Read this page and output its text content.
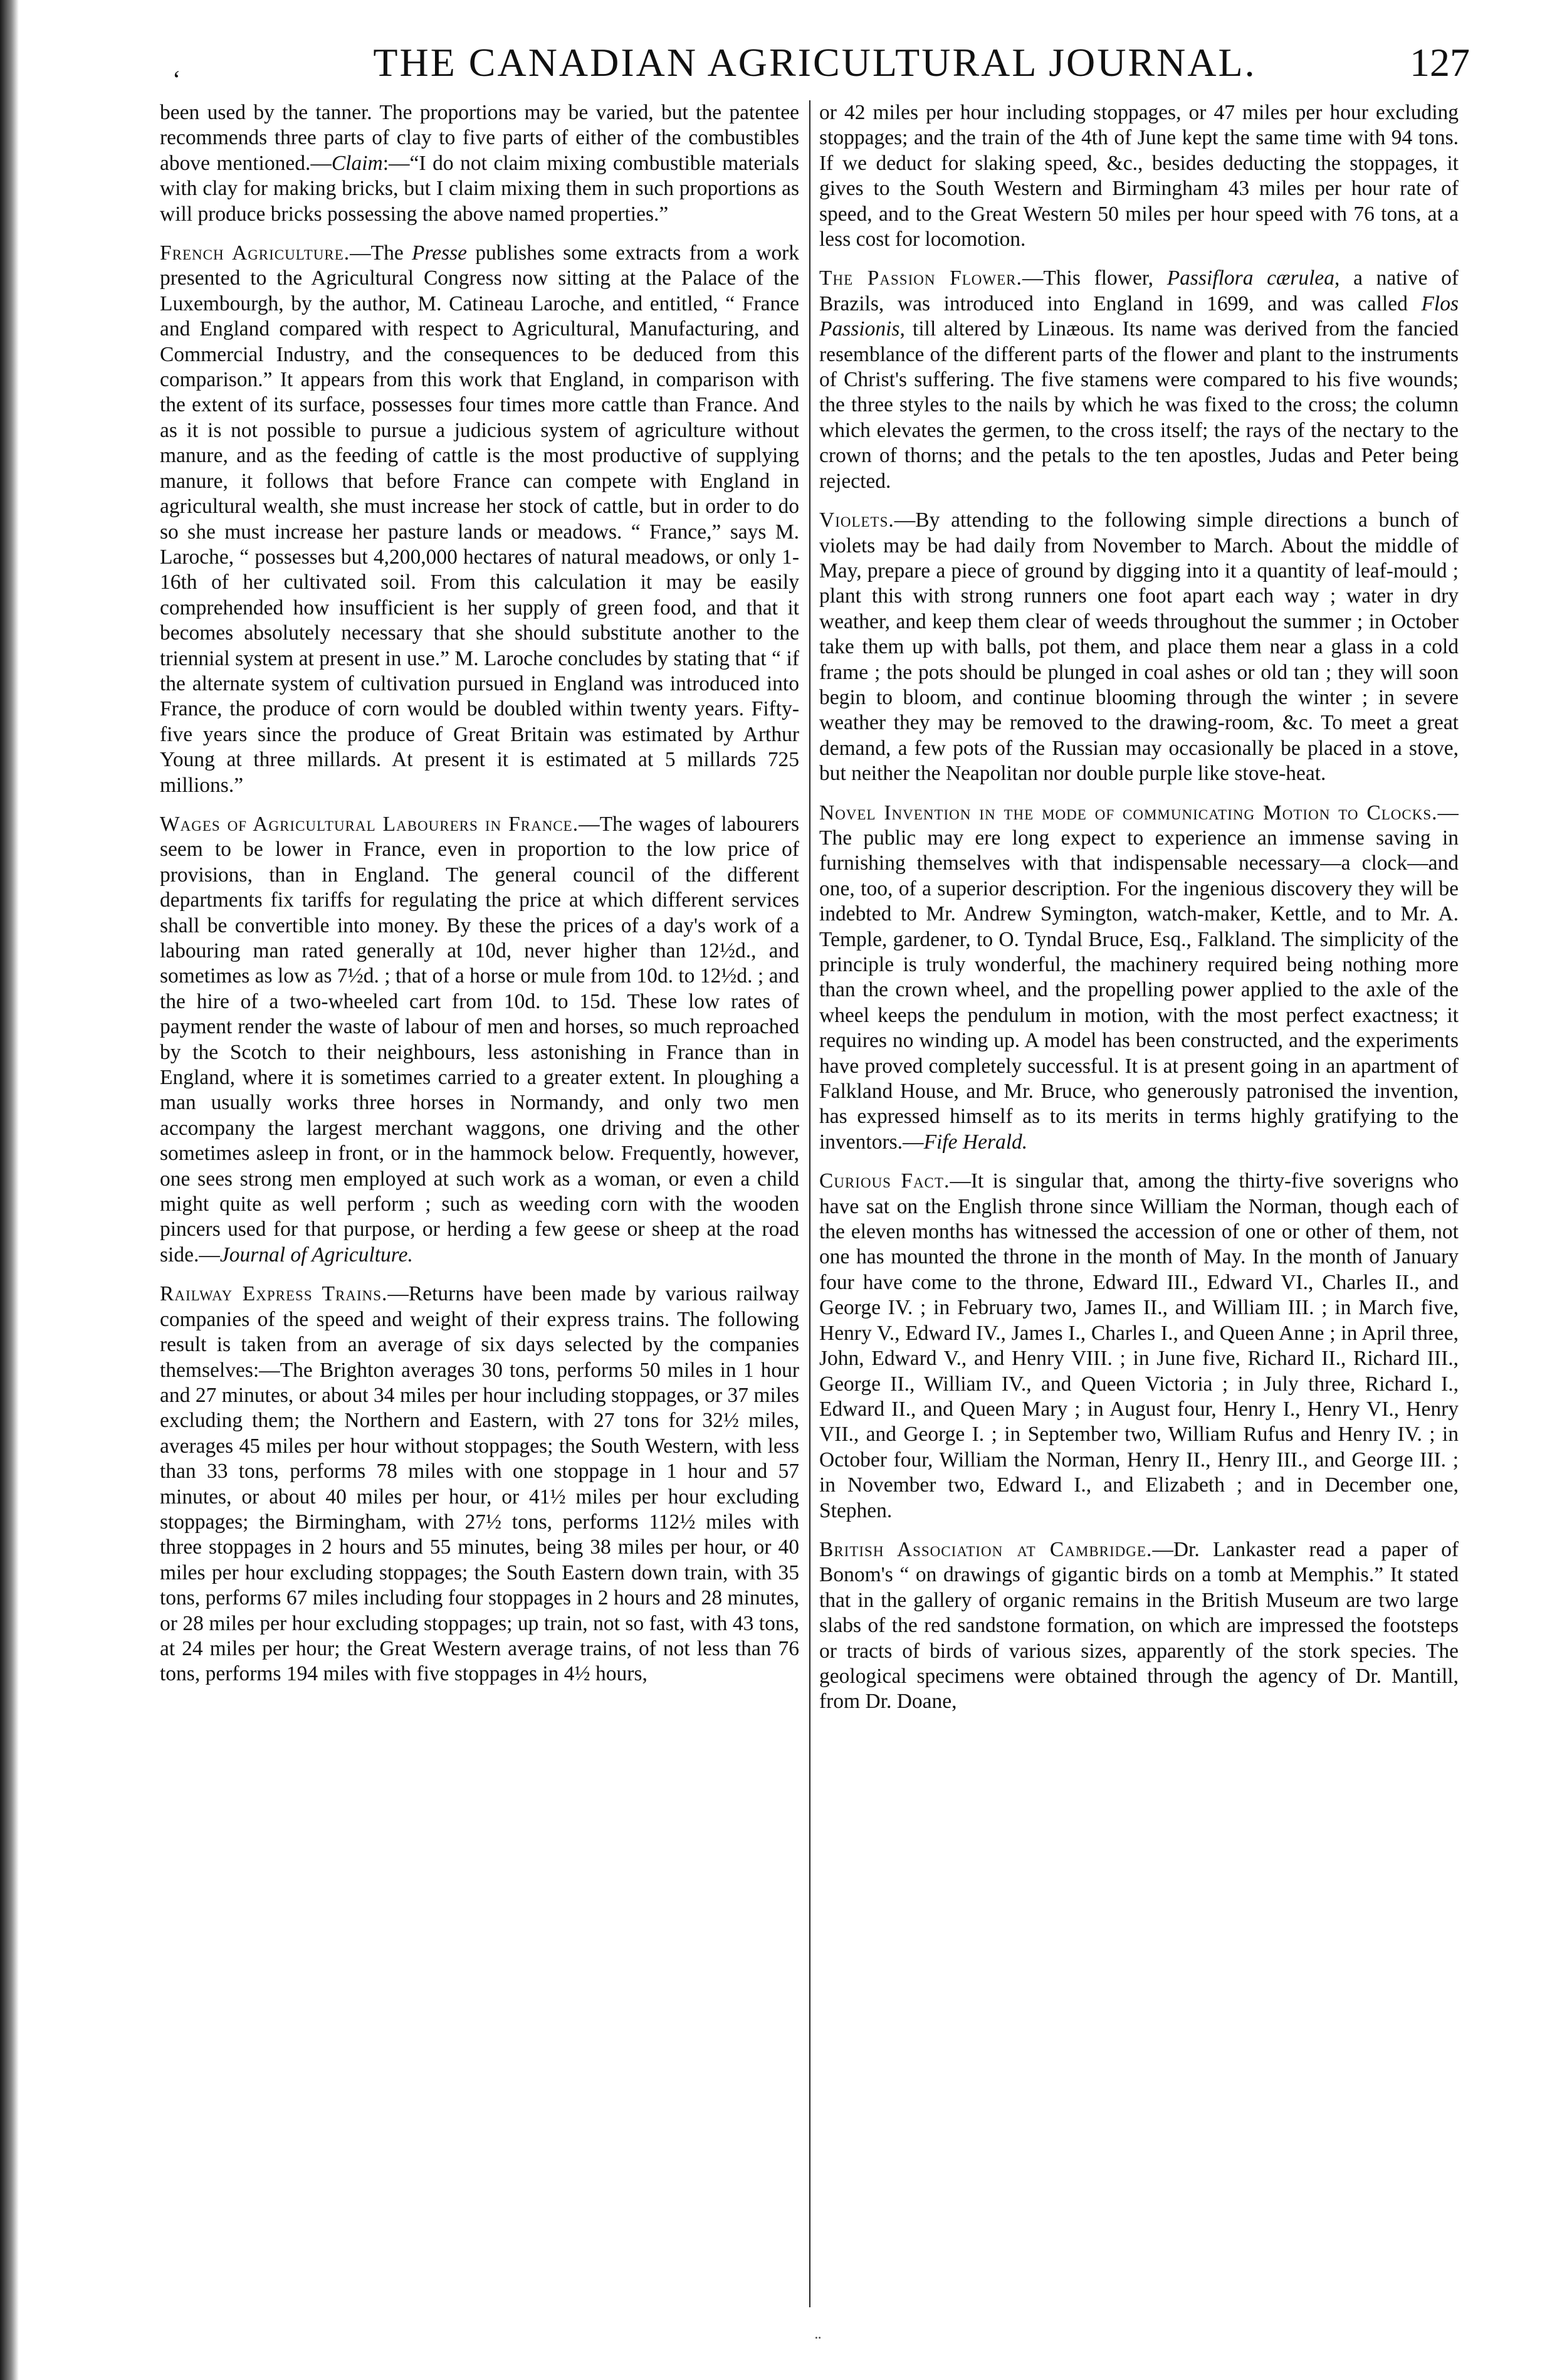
‘	THE CANADIAN AGRICULTURAL JOURNAL.	127

been used by the tanner. The proportions may be varied, but the patentee recommends three parts of clay to five parts of either of the combustibles above mentioned.—Claim:—“I do not claim mixing combustible materials with clay for making bricks, but I claim mixing them in such proportions as will produce bricks possessing the above named properties.”

French Agriculture.—The Presse publishes some extracts from a work presented to the Agricultural Congress now sitting at the Palace of the Luxembourgh, by the author, M. Catineau Laroche, and entitled, “ France and England compared with respect to Agricultural, Manufacturing, and Commercial Industry, and the consequences to be deduced from this comparison.” It appears from this work that England, in comparison with the extent of its surface, possesses four times more cattle than France. And as it is not possible to pursue a judicious system of agriculture without manure, and as the feeding of cattle is the most productive of supplying manure, it follows that before France can compete with England in agricultural wealth, she must increase her stock of cattle, but in order to do so she must increase her pasture lands or meadows. “ France,” says M. Laroche, “ possesses but 4,200,000 hectares of natural meadows, or only 1-16th of her cultivated soil. From this calculation it may be easily comprehended how insufficient is her supply of green food, and that it becomes absolutely necessary that she should substitute another to the triennial system at present in use.” M. Laroche concludes by stating that “ if the alternate system of cultivation pursued in England was introduced into France, the produce of corn would be doubled within twenty years. Fifty-five years since the produce of Great Britain was estimated by Arthur Young at three millards. At present it is estimated at 5 millards 725 millions.”

Wages of Agricultural Labourers in France.—The wages of labourers seem to be lower in France, even in proportion to the low price of provisions, than in England. The general council of the different departments fix tariffs for regulating the price at which different services shall be convertible into money. By these the prices of a day's work of a labouring man rated generally at 10d, never higher than 12½d., and sometimes as low as 7½d. ; that of a horse or mule from 10d. to 12½d. ; and the hire of a two-wheeled cart from 10d. to 15d. These low rates of payment render the waste of labour of men and horses, so much reproached by the Scotch to their neighbours, less astonishing in France than in England, where it is sometimes carried to a greater extent. In ploughing a man usually works three horses in Normandy, and only two men accompany the largest merchant waggons, one driving and the other sometimes asleep in front, or in the hammock below. Frequently, however, one sees strong men employed at such work as a woman, or even a child might quite as well perform ; such as weeding corn with the wooden pincers used for that purpose, or herding a few geese or sheep at the road side.—Journal of Agriculture.

Railway Express Trains.—Returns have been made by various railway companies of the speed and weight of their express trains. The following result is taken from an average of six days selected by the companies themselves:—The Brighton averages 30 tons, performs 50 miles in 1 hour and 27 minutes, or about 34 miles per hour including stoppages, or 37 miles excluding them; the Northern and Eastern, with 27 tons for 32½ miles, averages 45 miles per hour without stoppages; the South Western, with less than 33 tons, performs 78 miles with one stoppage in 1 hour and 57 minutes, or about 40 miles per hour, or 41½ miles per hour excluding stoppages; the Birmingham, with 27½ tons, performs 112½ miles with three stoppages in 2 hours and 55 minutes, being 38 miles per hour, or 40 miles per hour excluding stoppages; the South Eastern down train, with 35 tons, performs 67 miles including four stoppages in 2 hours and 28 minutes, or 28 miles per hour excluding stoppages; up train, not so fast, with 43 tons, at 24 miles per hour; the Great Western average trains, of not less than 76 tons, performs 194 miles with five stoppages in 4½ hours,

or 42 miles per hour including stoppages, or 47 miles per hour excluding stoppages; and the train of the 4th of June kept the same time with 94 tons. If we deduct for slaking speed, &c., besides deducting the stoppages, it gives to the South Western and Birmingham 43 miles per hour rate of speed, and to the Great Western 50 miles per hour speed with 76 tons, at a less cost for locomotion.

The Passion Flower.—This flower, Passiflora cærulea, a native of Brazils, was introduced into England in 1699, and was called Flos Passionis, till altered by Linæous. Its name was derived from the fancied resemblance of the different parts of the flower and plant to the instruments of Christ's suffering. The five stamens were compared to his five wounds; the three styles to the nails by which he was fixed to the cross; the column which elevates the germen, to the cross itself; the rays of the nectary to the crown of thorns; and the petals to the ten apostles, Judas and Peter being rejected.

Violets.—By attending to the following simple directions a bunch of violets may be had daily from November to March. About the middle of May, prepare a piece of ground by digging into it a quantity of leaf-mould ; plant this with strong runners one foot apart each way ; water in dry weather, and keep them clear of weeds throughout the summer ; in October take them up with balls, pot them, and place them near a glass in a cold frame ; the pots should be plunged in coal ashes or old tan ; they will soon begin to bloom, and continue blooming through the winter ; in severe weather they may be removed to the drawing-room, &c. To meet a great demand, a few pots of the Russian may occasionally be placed in a stove, but neither the Neapolitan nor double purple like stove-heat.

Novel Invention in the mode of communicating Motion to Clocks.—The public may ere long expect to experience an immense saving in furnishing themselves with that indispensable necessary—a clock—and one, too, of a superior description. For the ingenious discovery they will be indebted to Mr. Andrew Symington, watch-maker, Kettle, and to Mr. A. Temple, gardener, to O. Tyndal Bruce, Esq., Falkland. The simplicity of the principle is truly wonderful, the machinery required being nothing more than the crown wheel, and the propelling power applied to the axle of the wheel keeps the pendulum in motion, with the most perfect exactness; it requires no winding up. A model has been constructed, and the experiments have proved completely successful. It is at present going in an apartment of Falkland House, and Mr. Bruce, who generously patronised the invention, has expressed himself as to its merits in terms highly gratifying to the inventors.—Fife Herald.

Curious Fact.—It is singular that, among the thirty-five soverigns who have sat on the English throne since William the Norman, though each of the eleven months has witnessed the accession of one or other of them, not one has mounted the throne in the month of May. In the month of January four have come to the throne, Edward III., Edward VI., Charles II., and George IV. ; in February two, James II., and William III. ; in March five, Henry V., Edward IV., James I., Charles I., and Queen Anne ; in April three, John, Edward V., and Henry VIII. ; in June five, Richard II., Richard III., George II., William IV., and Queen Victoria ; in July three, Richard I., Edward II., and Queen Mary ; in August four, Henry I., Henry VI., Henry VII., and George I. ; in September two, William Rufus and Henry IV. ; in October four, William the Norman, Henry II., Henry III., and George III. ; in November two, Edward I., and Elizabeth ; and in December one, Stephen.

British Association at Cambridge.—Dr. Lankaster read a paper of Bonom's “ on drawings of gigantic birds on a tomb at Memphis.” It stated that in the gallery of organic remains in the British Museum are two large slabs of the red sandstone formation, on which are impressed the footsteps or tracts of birds of various sizes, apparently of the stork species. The geological specimens were obtained through the agency of Dr. Mantill, from Dr. Doane,

¨
